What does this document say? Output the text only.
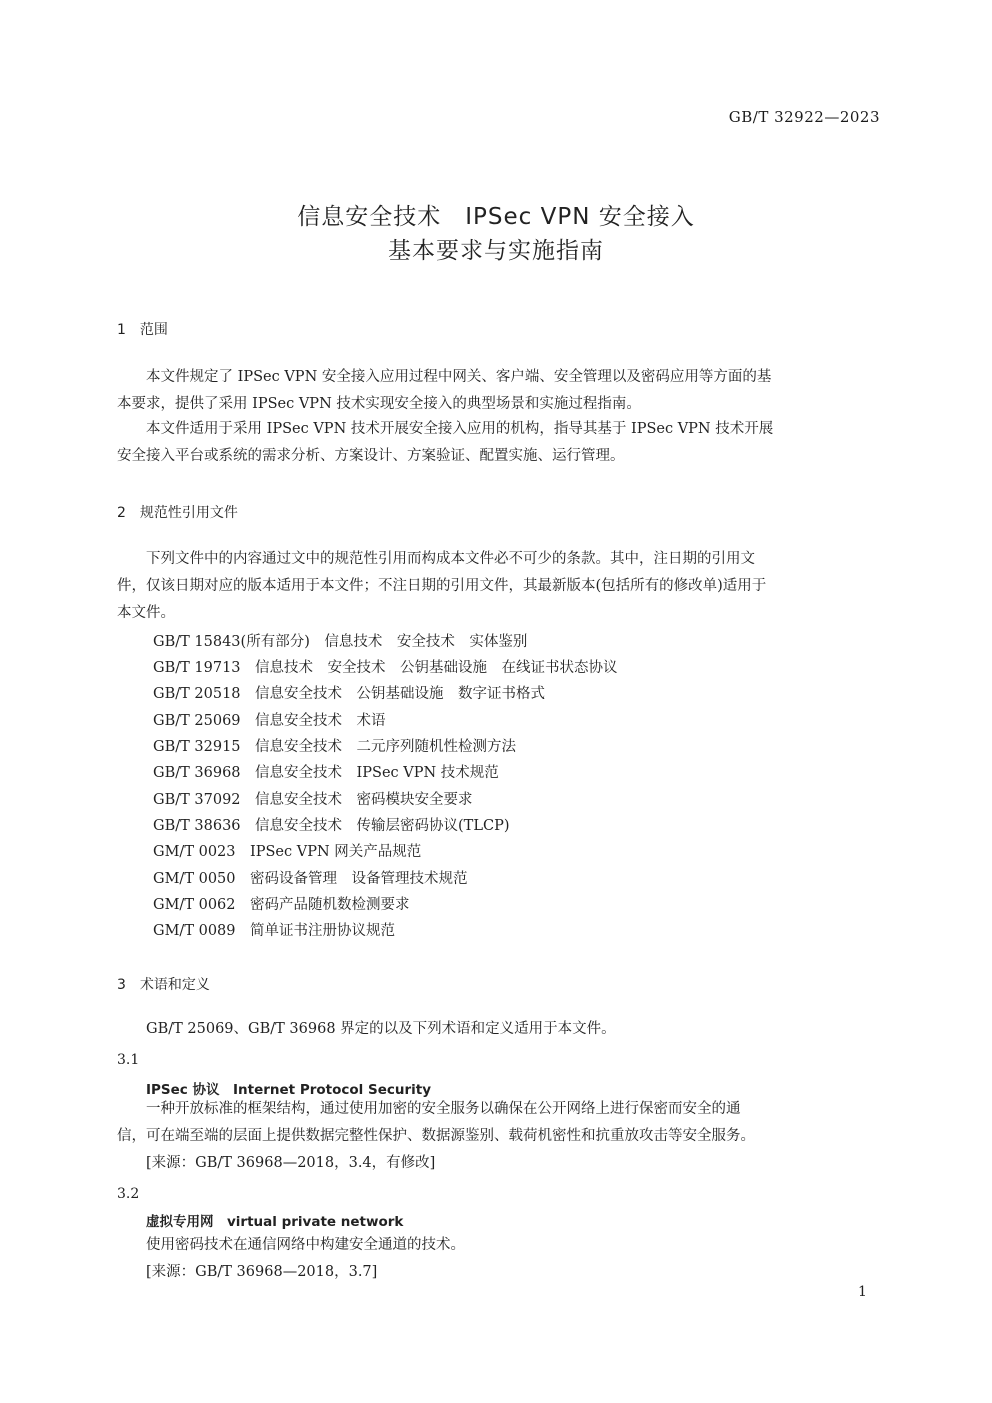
GB/T 32922—2023
信息安全技术　IPSec VPN 安全接入
基本要求与实施指南
1　范围
本文件规定了 IPSec VPN 安全接入应用过程中网关、客户端、安全管理以及密码应用等方面的基
本要求，提供了采用 IPSec VPN 技术实现安全接入的典型场景和实施过程指南。
本文件适用于采用 IPSec VPN 技术开展安全接入应用的机构，指导其基于 IPSec VPN 技术开展
安全接入平台或系统的需求分析、方案设计、方案验证、配置实施、运行管理。
2　规范性引用文件
下列文件中的内容通过文中的规范性引用而构成本文件必不可少的条款。其中，注日期的引用文
件，仅该日期对应的版本适用于本文件；不注日期的引用文件，其最新版本(包括所有的修改单)适用于
本文件。
GB/T 15843(所有部分)　信息技术　安全技术　实体鉴别
GB/T 19713　信息技术　安全技术　公钥基础设施　在线证书状态协议
GB/T 20518　信息安全技术　公钥基础设施　数字证书格式
GB/T 25069　信息安全技术　术语
GB/T 32915　信息安全技术　二元序列随机性检测方法
GB/T 36968　信息安全技术　IPSec VPN 技术规范
GB/T 37092　信息安全技术　密码模块安全要求
GB/T 38636　信息安全技术　传输层密码协议(TLCP)
GM/T 0023　IPSec VPN 网关产品规范
GM/T 0050　密码设备管理　设备管理技术规范
GM/T 0062　密码产品随机数检测要求
GM/T 0089　简单证书注册协议规范
3　术语和定义
GB/T 25069、GB/T 36968 界定的以及下列术语和定义适用于本文件。
3.1
IPSec 协议　Internet Protocol Security
一种开放标准的框架结构，通过使用加密的安全服务以确保在公开网络上进行保密而安全的通
信，可在端至端的层面上提供数据完整性保护、数据源鉴别、载荷机密性和抗重放攻击等安全服务。
[来源：GB/T 36968—2018，3.4，有修改]
3.2
虚拟专用网　virtual private network
使用密码技术在通信网络中构建安全通道的技术。
[来源：GB/T 36968—2018，3.7]
1
